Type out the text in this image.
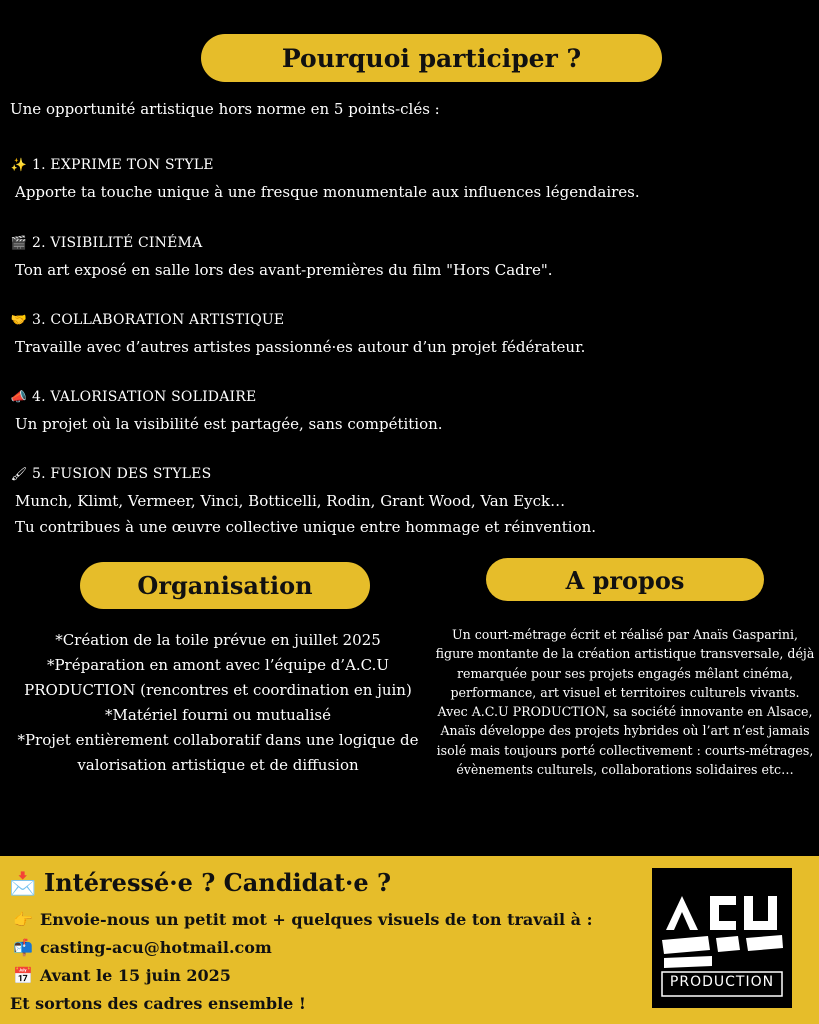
Pourquoi participer ?
Une opportunité artistique hors norme en 5 points-clés :
✨ 1. EXPRIME TON STYLE
Apporte ta touche unique à une fresque monumentale aux influences légendaires.
🎬 2. VISIBILITÉ CINÉMA
Ton art exposé en salle lors des avant-premières du film "Hors Cadre".
🤝 3. COLLABORATION ARTISTIQUE
Travaille avec d’autres artistes passionné·es autour d’un projet fédérateur.
📣 4. VALORISATION SOLIDAIRE
Un projet où la visibilité est partagée, sans compétition.
🖌 5. FUSION DES STYLES
Munch, Klimt, Vermeer, Vinci, Botticelli, Rodin, Grant Wood, Van Eyck…
Tu contribues à une œuvre collective unique entre hommage et réinvention.
Organisation	A propos
*Création de la toile prévue en juillet 2025
*Préparation en amont avec l’équipe d’A.C.U PRODUCTION (rencontres et coordination en juin)
*Matériel fourni ou mutualisé
*Projet entièrement collaboratif dans une logique de valorisation artistique et de diffusion
Un court-métrage écrit et réalisé par Anaïs Gasparini, figure montante de la création artistique transversale, déjà remarquée pour ses projets engagés mêlant cinéma, performance, art visuel et territoires culturels vivants.
Avec A.C.U PRODUCTION, sa société innovante en Alsace, Anaïs développe des projets hybrides où l’art n’est jamais isolé mais toujours porté collectivement : courts-métrages, évènements culturels, collaborations solidaires etc…
📩 Intéressé·e ? Candidat·e ?
👉 Envoie-nous un petit mot + quelques visuels de ton travail à :
📬 casting-acu@hotmail.com
📅 Avant le 15 juin 2025
Et sortons des cadres ensemble !
PRODUCTION
